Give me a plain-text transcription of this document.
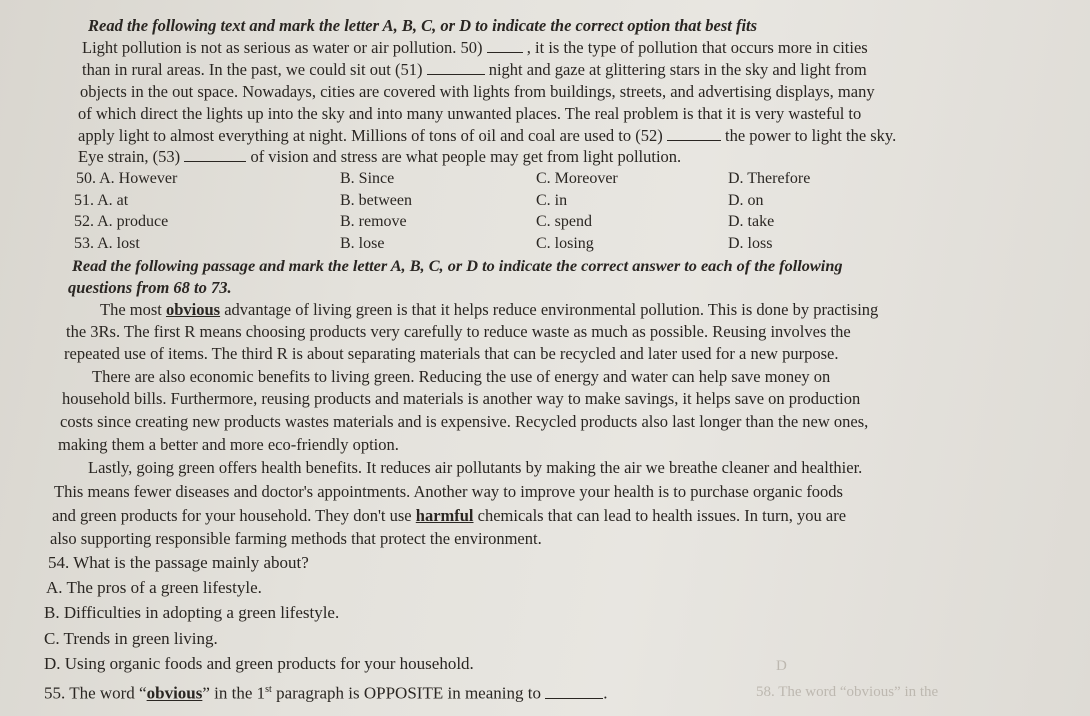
Read the following text and mark the letter A, B, C, or D to indicate the correct option that best fits
Light pollution is not as serious as water or air pollution. 50)  , it is the type of pollution that occurs more in cities
than in rural areas. In the past, we could sit out (51)	night and gaze at glittering stars in the sky and light from
objects in the out space. Nowadays, cities are covered with lights from buildings, streets, and advertising displays, many
of which direct the lights up into the sky and into many unwanted places. The real problem is that it is very wasteful to
apply light to almost everything at night. Millions of tons of oil and coal are used to (52)	the power to light the sky.
Eye strain, (53)	of vision and stress are what people may get from light pollution.
50. A. However	B. Since	C. Moreover	D. Therefore
51. A. at	B. between	C. in	D. on
52. A. produce	B. remove	C. spend	D. take
53. A. lost	B. lose	C. losing	D. loss
Read the following passage and mark the letter A, B, C, or D to indicate the correct answer to each of the following
questions from 68 to 73.
The most obvious advantage of living green is that it helps reduce environmental pollution. This is done by practising
the 3Rs. The first R means choosing products very carefully to reduce waste as much as possible. Reusing involves the
repeated use of items. The third R is about separating materials that can be recycled and later used for a new purpose.
There are also economic benefits to living green. Reducing the use of energy and water can help save money on
household bills. Furthermore, reusing products and materials is another way to make savings, it helps save on production
costs since creating new products wastes materials and is expensive. Recycled products also last longer than the new ones,
making them a better and more eco-friendly option.
Lastly, going green offers health benefits. It reduces air pollutants by making the air we breathe cleaner and healthier.
This means fewer diseases and doctor's appointments. Another way to improve your health is to purchase organic foods
and green products for your household. They don't use harmful chemicals that can lead to health issues. In turn, you are
also supporting responsible farming methods that protect the environment.
54. What is the passage mainly about?
A. The pros of a green lifestyle.
B. Difficulties in adopting a green lifestyle.
C. Trends in green living.
D. Using organic foods and green products for your household.
55. The word “obvious” in the 1st paragraph is OPPOSITE in meaning to	.
D
58. The word “obvious” in the
